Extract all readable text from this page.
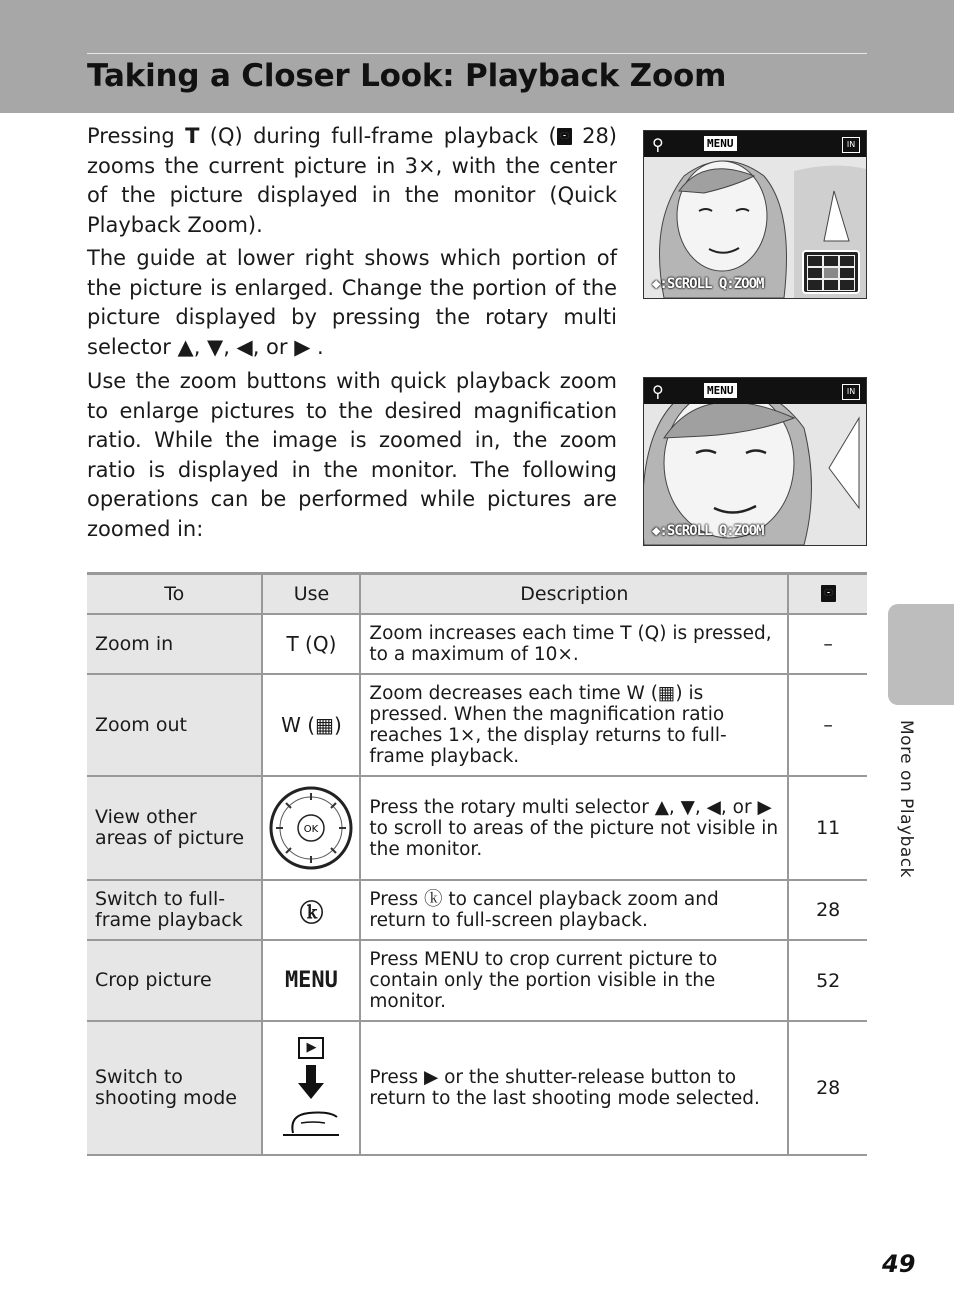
Taking a Closer Look: Playback Zoom

Pressing T (Q) during full-frame playback ( 28) zooms the current picture in 3×, with the center of the picture displayed in the monitor (Quick Playback Zoom).

The guide at lower right shows which portion of the picture is enlarged. Change the portion of the picture displayed by pressing the rotary multi selector ▲, ▼, ◀, or ▶ .

Use the zoom buttons with quick playback zoom to enlarge pictures to the desired magnification ratio. While the image is zoomed in, the zoom ratio is displayed in the monitor. The following operations can be performed while pictures are zoomed in:

⚲	MENU	IN
◆:SCROLL Q:ZOOM
⚲	MENU	IN
◆:SCROLL Q:ZOOM
To	Use	Description	
Zoom in	T (Q)	Zoom increases each time T (Q) is pressed, to a maximum of 10×.	–
Zoom out	W (▦)	Zoom decreases each time W (▦) is pressed. When the magnification ratio reaches 1×, the display returns to full-frame playback.	–
View other areas of picture	OK	Press the rotary multi selector ▲, ▼, ◀, or ▶ to scroll to areas of the picture not visible in the monitor.	11
Switch to full-frame playback	ⓚ	Press ⓚ to cancel playback zoom and return to full-screen playback.	28
Crop picture	MENU	Press MENU to crop current picture to contain only the portion visible in the monitor.	52
Switch to shooting mode	▶	Press ▶ or the shutter-release button to return to the last shooting mode selected.	28
More on Playback
49
